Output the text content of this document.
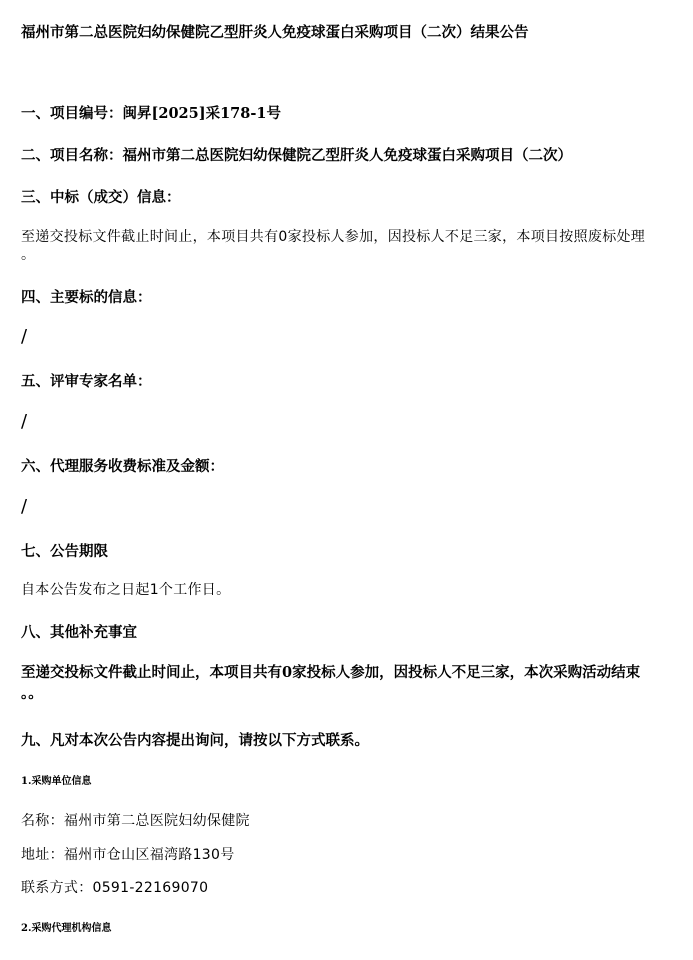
福州市第二总医院妇幼保健院乙型肝炎人免疫球蛋白采购项目（二次）结果公告

一、项目编号：闽昇[2025]采178-1号

二、项目名称：福州市第二总医院妇幼保健院乙型肝炎人免疫球蛋白采购项目（二次）

三、中标（成交）信息：

至递交投标文件截止时间止，本项目共有0家投标人参加，因投标人不足三家，本项目按照废标处理

。

四、主要标的信息：

/

五、评审专家名单：

/

六、代理服务收费标准及金额：

/

七、公告期限

自本公告发布之日起1个工作日。

八、其他补充事宜

至递交投标文件截止时间止，本项目共有0家投标人参加，因投标人不足三家，本次采购活动结束

。。

九、凡对本次公告内容提出询问，请按以下方式联系。

1.采购单位信息

名称：福州市第二总医院妇幼保健院

地址：福州市仓山区福湾路130号

联系方式：0591-22169070

2.采购代理机构信息
